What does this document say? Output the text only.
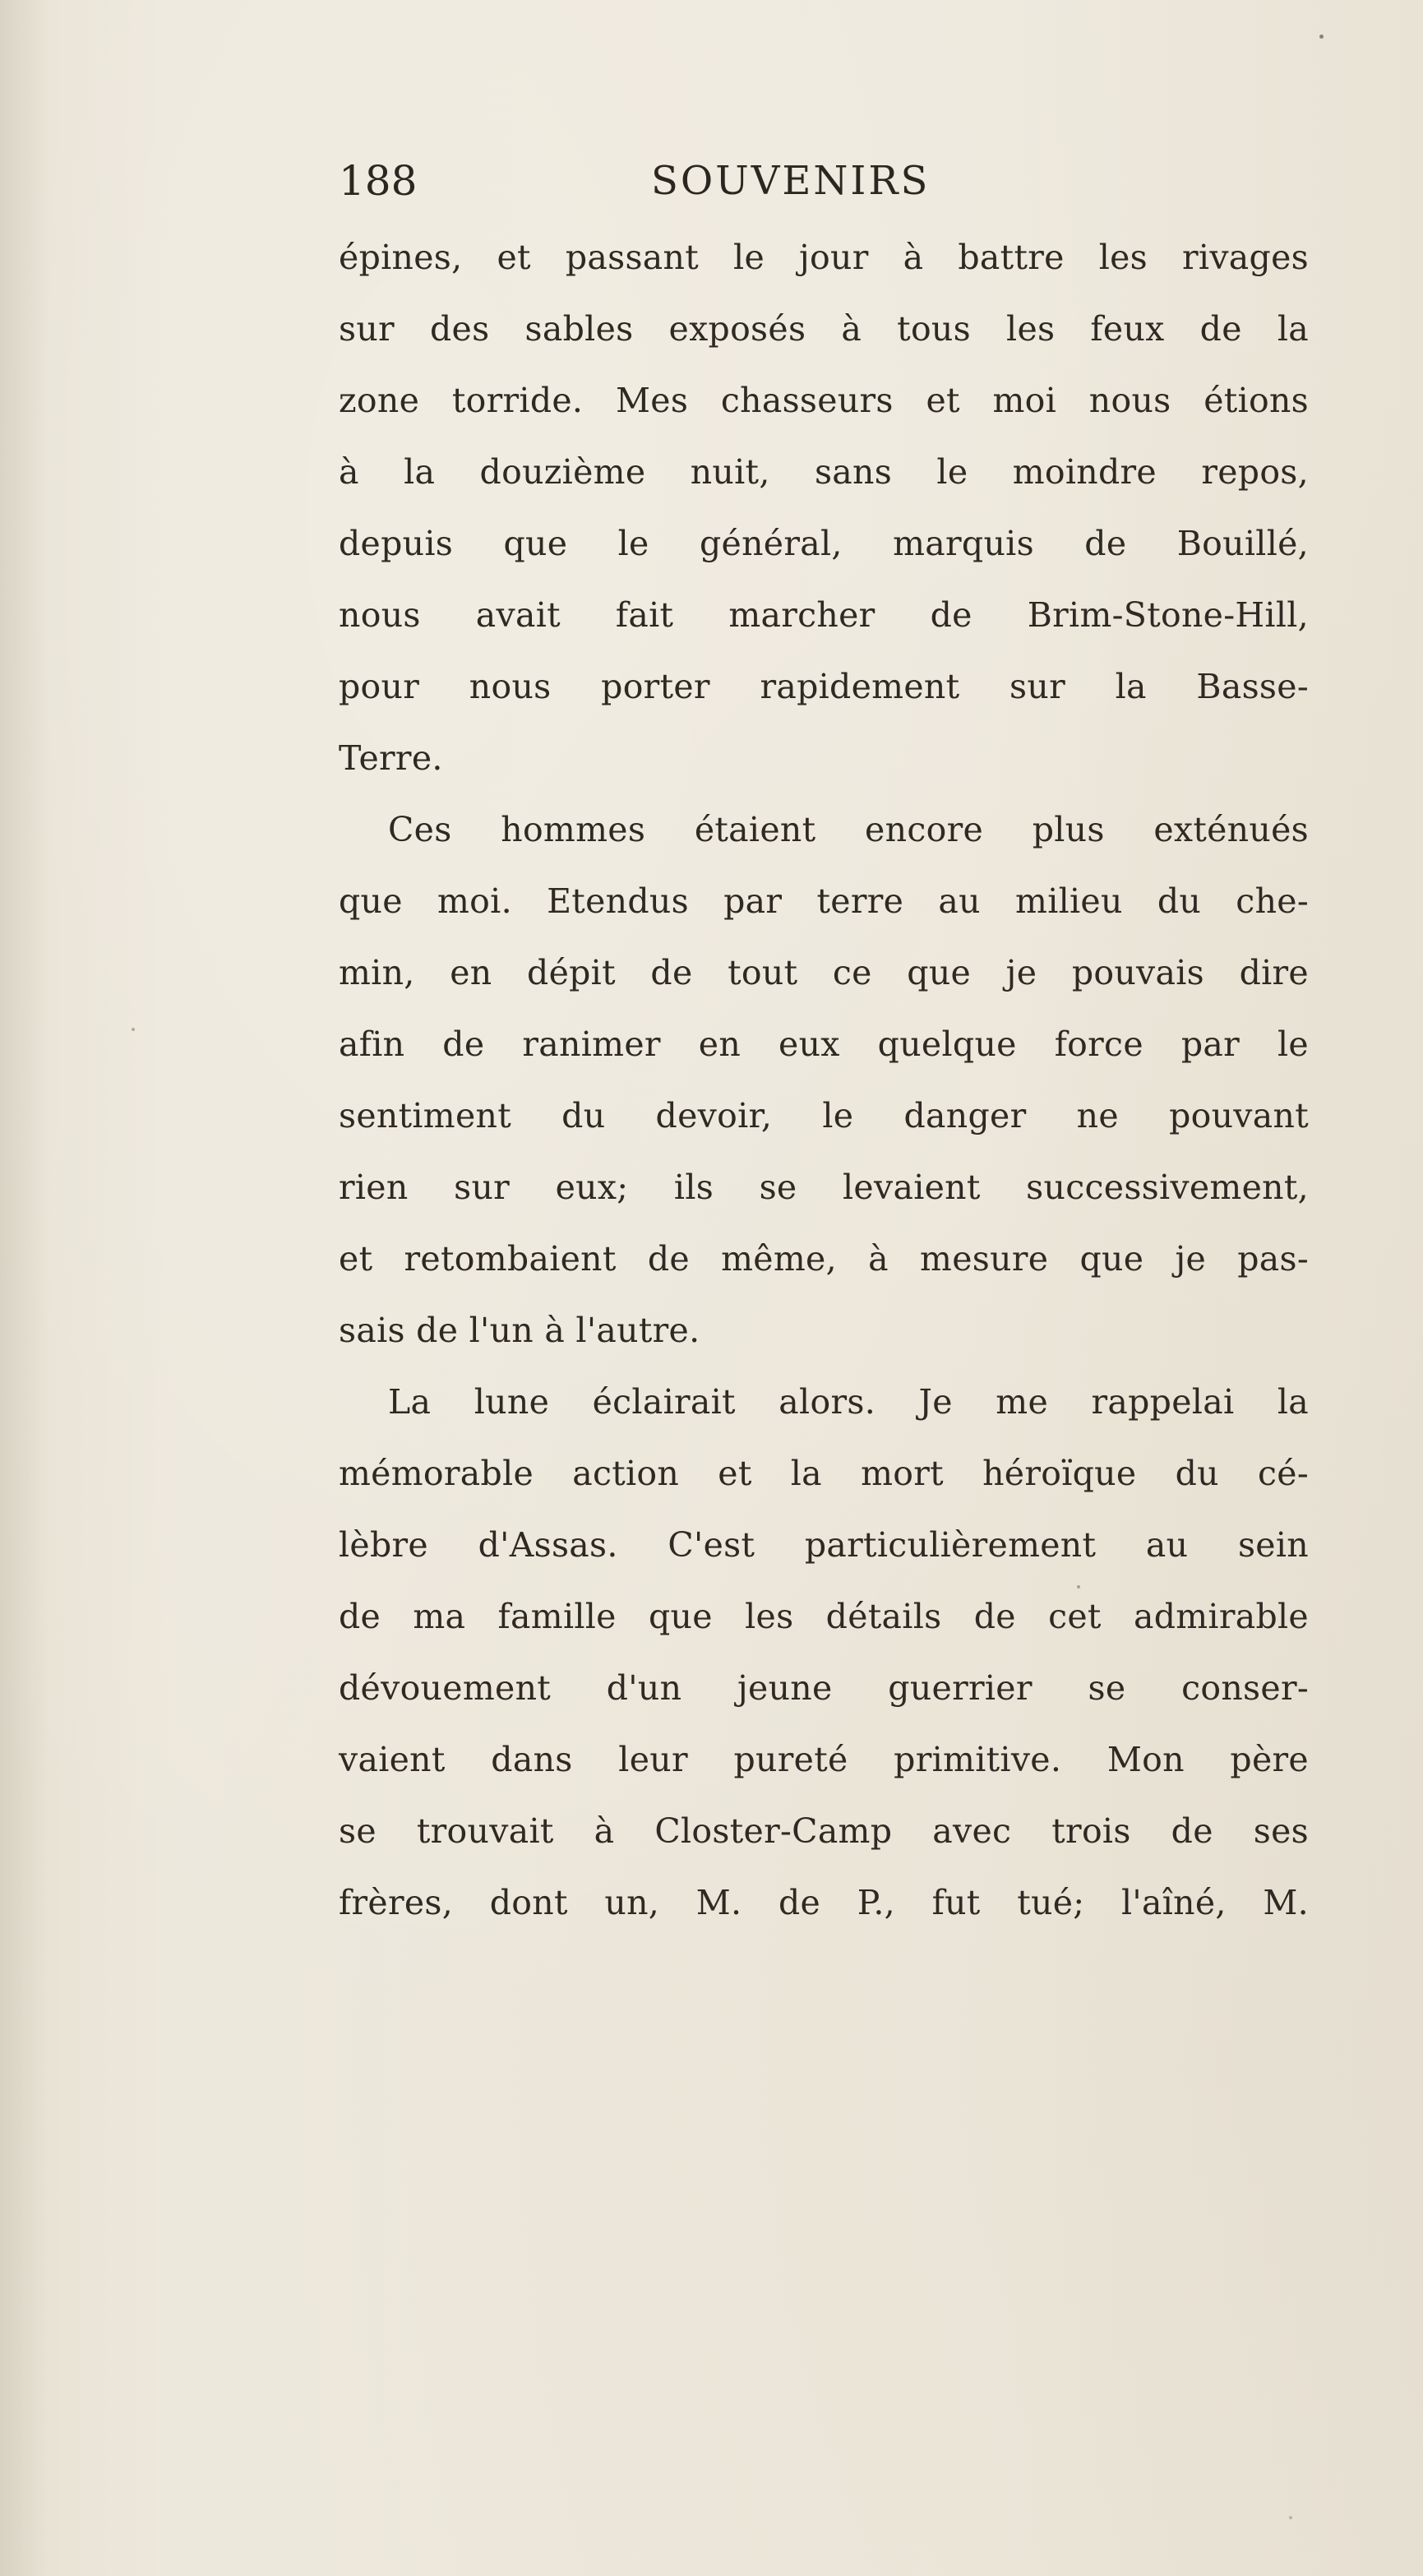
188	SOUVENIRS
épines, et passant le jour à battre les rivages
sur des sables exposés à tous les feux de la
zone torride. Mes chasseurs et moi nous étions
à la douzième nuit, sans le moindre repos,
depuis que le général, marquis de Bouillé,
nous avait fait marcher de Brim-Stone-Hill,
pour nous porter rapidement sur la Basse-
Terre.
Ces hommes étaient encore plus exténués
que moi. Etendus par terre au milieu du che-
min, en dépit de tout ce que je pouvais dire
afin de ranimer en eux quelque force par le
sentiment du devoir, le danger ne pouvant
rien sur eux; ils se levaient successivement,
et retombaient de même, à mesure que je pas-
sais de l'un à l'autre.
La lune éclairait alors. Je me rappelai la
mémorable action et la mort héroïque du cé-
lèbre d'Assas. C'est particulièrement au sein
de ma famille que les détails de cet admirable
dévouement d'un jeune guerrier se conser-
vaient dans leur pureté primitive. Mon père
se trouvait à Closter-Camp avec trois de ses
frères, dont un, M. de P., fut tué; l'aîné, M.
